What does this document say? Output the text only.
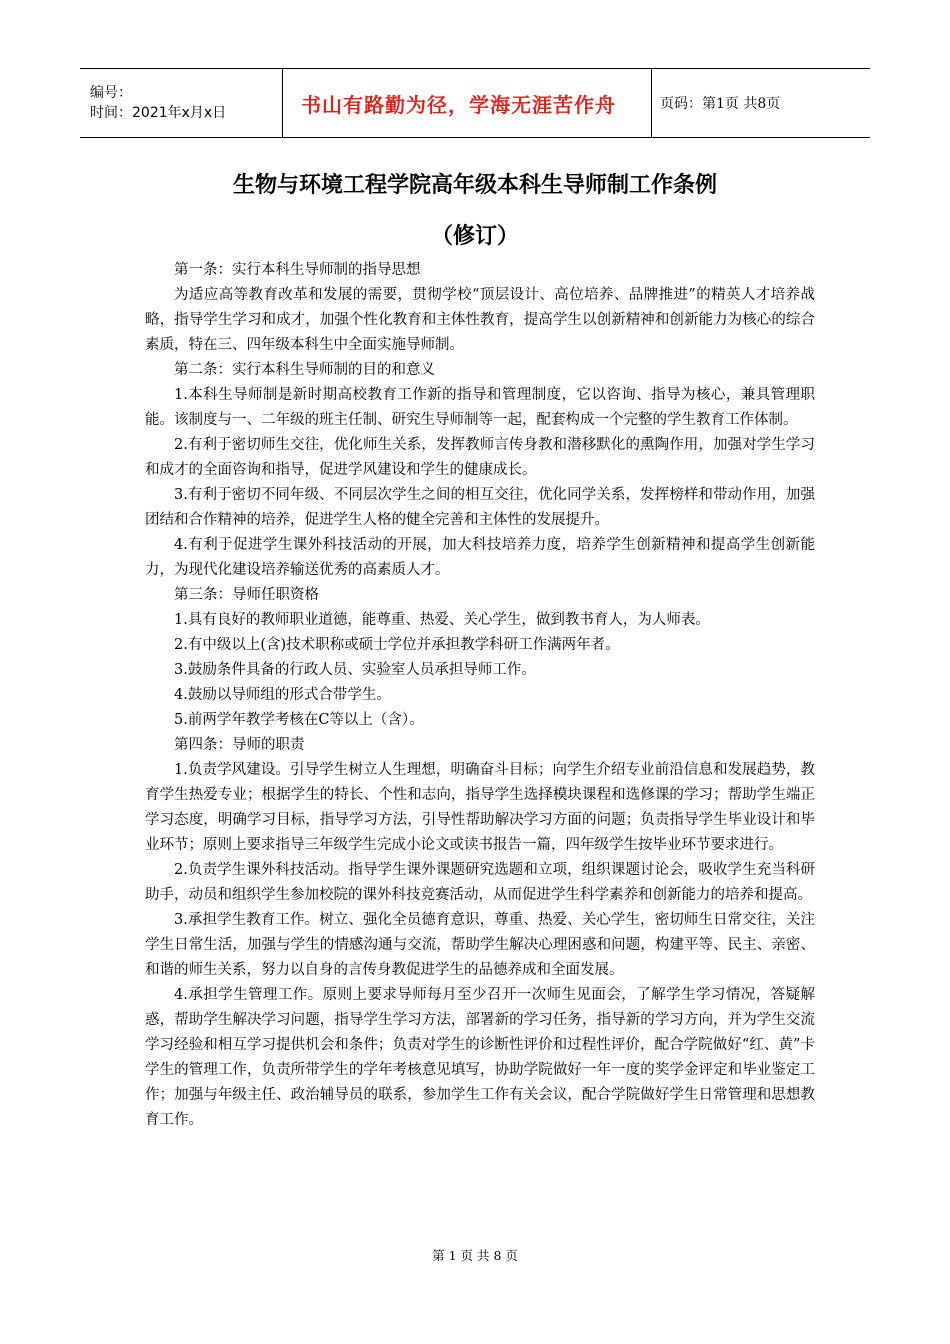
编号：
时间：2021年x月x日	书山有路勤为径，学海无涯苦作舟	页码：第1页 共8页
生物与环境工程学院高年级本科生导师制工作条例
（修订）

第一条：实行本科生导师制的指导思想

为适应高等教育改革和发展的需要，贯彻学校“顶层设计、高位培养、品牌推进”的精英人才培养战略，指导学生学习和成才，加强个性化教育和主体性教育，提高学生以创新精神和创新能力为核心的综合素质，特在三、四年级本科生中全面实施导师制。

第二条：实行本科生导师制的目的和意义

1.本科生导师制是新时期高校教育工作新的指导和管理制度，它以咨询、指导为核心，兼具管理职能。该制度与一、二年级的班主任制、研究生导师制等一起，配套构成一个完整的学生教育工作体制。

2.有利于密切师生交往，优化师生关系，发挥教师言传身教和潜移默化的熏陶作用，加强对学生学习和成才的全面咨询和指导，促进学风建设和学生的健康成长。

3.有利于密切不同年级、不同层次学生之间的相互交往，优化同学关系，发挥榜样和带动作用，加强团结和合作精神的培养，促进学生人格的健全完善和主体性的发展提升。

4.有利于促进学生课外科技活动的开展，加大科技培养力度，培养学生创新精神和提高学生创新能力，为现代化建设培养输送优秀的高素质人才。

第三条：导师任职资格

1.具有良好的教师职业道德，能尊重、热爱、关心学生，做到教书育人，为人师表。

2.有中级以上(含)技术职称或硕士学位并承担教学科研工作满两年者。

3.鼓励条件具备的行政人员、实验室人员承担导师工作。

4.鼓励以导师组的形式合带学生。

5.前两学年教学考核在C等以上（含）。

第四条：导师的职责

1.负责学风建设。引导学生树立人生理想，明确奋斗目标；向学生介绍专业前沿信息和发展趋势，教育学生热爱专业；根据学生的特长、个性和志向，指导学生选择模块课程和选修课的学习；帮助学生端正学习态度，明确学习目标，指导学习方法，引导性帮助解决学习方面的问题；负责指导学生毕业设计和毕业环节；原则上要求指导三年级学生完成小论文或读书报告一篇，四年级学生按毕业环节要求进行。

2.负责学生课外科技活动。指导学生课外课题研究选题和立项，组织课题讨论会，吸收学生充当科研助手，动员和组织学生参加校院的课外科技竞赛活动，从而促进学生科学素养和创新能力的培养和提高。

3.承担学生教育工作。树立、强化全员德育意识，尊重、热爱、关心学生，密切师生日常交往，关注学生日常生活，加强与学生的情感沟通与交流，帮助学生解决心理困惑和问题，构建平等、民主、亲密、和谐的师生关系，努力以自身的言传身教促进学生的品德养成和全面发展。

4.承担学生管理工作。原则上要求导师每月至少召开一次师生见面会，了解学生学习情况，答疑解惑，帮助学生解决学习问题，指导学生学习方法，部署新的学习任务，指导新的学习方向，并为学生交流学习经验和相互学习提供机会和条件；负责对学生的诊断性评价和过程性评价，配合学院做好“红、黄”卡学生的管理工作，负责所带学生的学年考核意见填写，协助学院做好一年一度的奖学金评定和毕业鉴定工作；加强与年级主任、政治辅导员的联系，参加学生工作有关会议，配合学院做好学生日常管理和思想教育工作。

第 1 页 共 8 页
